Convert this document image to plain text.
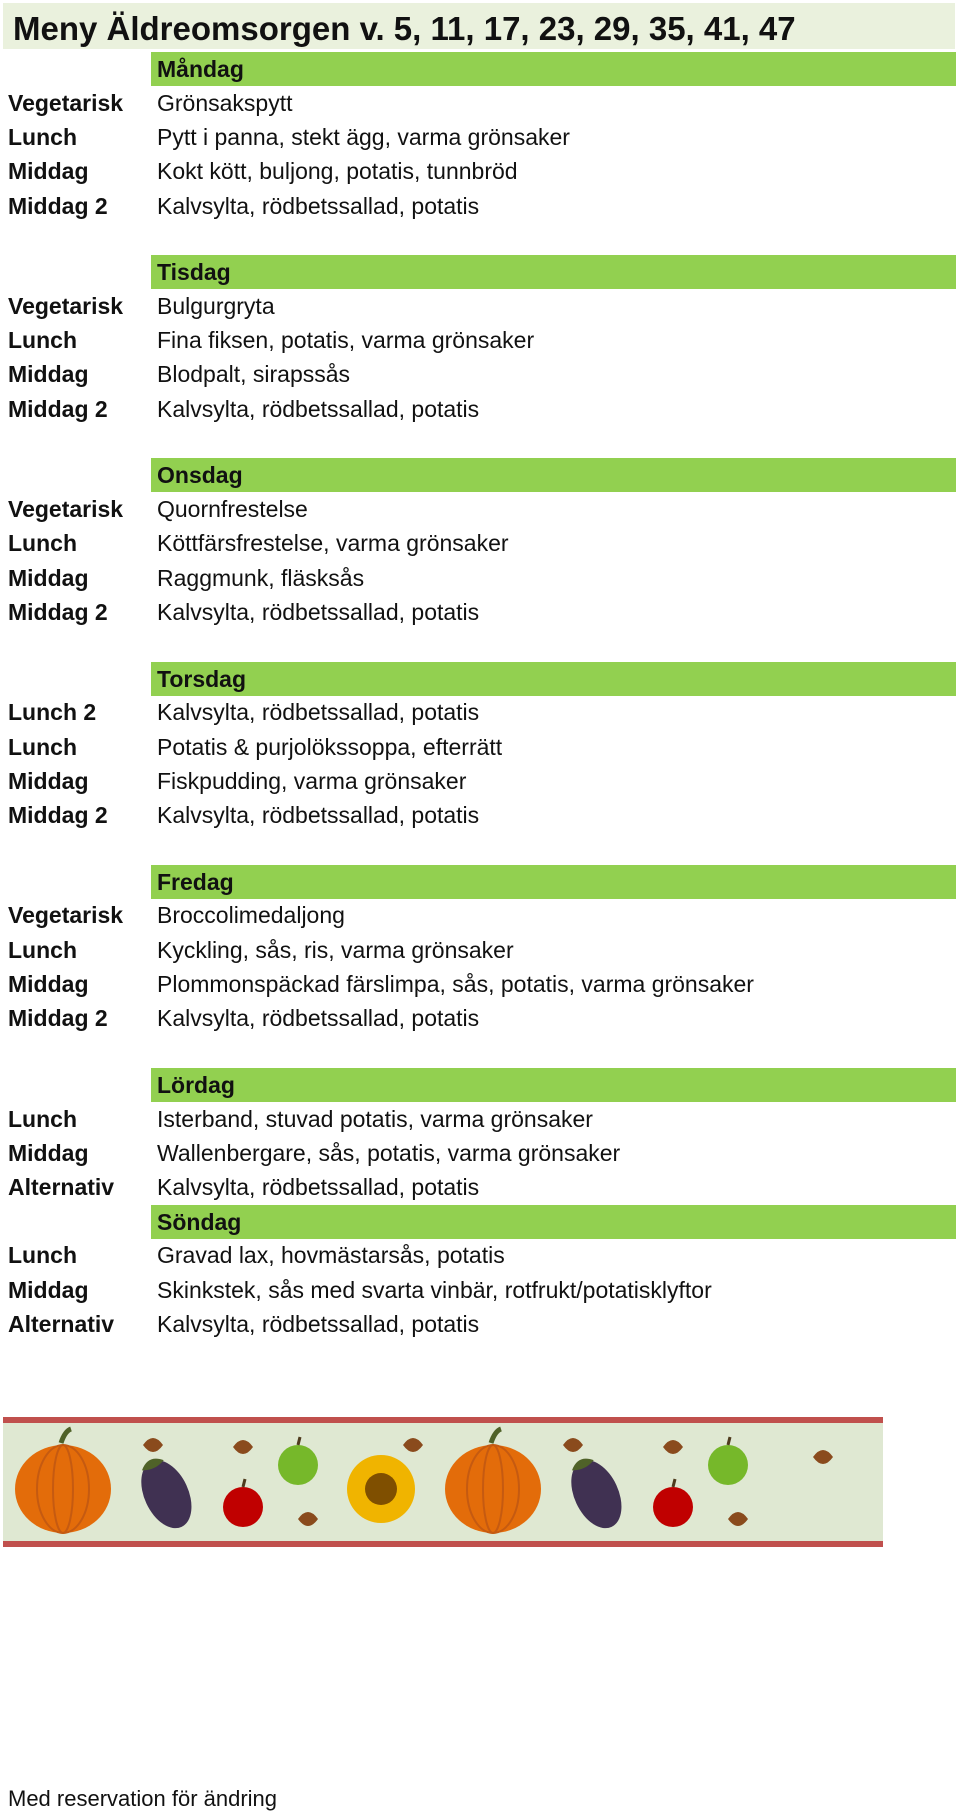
Meny Äldreomsorgen v. 5, 11, 17, 23, 29, 35, 41, 47
Måndag
Vegetarisk	Grönsakspytt
Lunch	Pytt i panna, stekt ägg, varma grönsaker
Middag	Kokt kött, buljong, potatis, tunnbröd
Middag 2	Kalvsylta, rödbetssallad, potatis
Tisdag
Vegetarisk	Bulgurgryta
Lunch	Fina fiksen, potatis, varma grönsaker
Middag	Blodpalt, sirapssås
Middag 2	Kalvsylta, rödbetssallad, potatis
Onsdag
Vegetarisk	Quornfrestelse
Lunch	Köttfärsfrestelse, varma grönsaker
Middag	Raggmunk, fläsksås
Middag 2	Kalvsylta, rödbetssallad, potatis
Torsdag
Lunch 2	Kalvsylta, rödbetssallad, potatis
Lunch	Potatis & purjolökssoppa, efterrätt
Middag	Fiskpudding, varma grönsaker
Middag 2	Kalvsylta, rödbetssallad, potatis
Fredag
Vegetarisk	Broccolimedaljong
Lunch	Kyckling, sås, ris, varma grönsaker
Middag	Plommonspäckad färslimpa, sås, potatis, varma grönsaker
Middag 2	Kalvsylta, rödbetssallad, potatis
Lördag
Lunch	Isterband, stuvad potatis, varma grönsaker
Middag	Wallenbergare, sås, potatis, varma grönsaker
Alternativ	Kalvsylta, rödbetssallad, potatis
Söndag
Lunch	Gravad lax, hovmästarsås, potatis
Middag	Skinkstek, sås med svarta vinbär, rotfrukt/potatisklyftor
Alternativ	Kalvsylta, rödbetssallad, potatis
Med reservation för ändring
